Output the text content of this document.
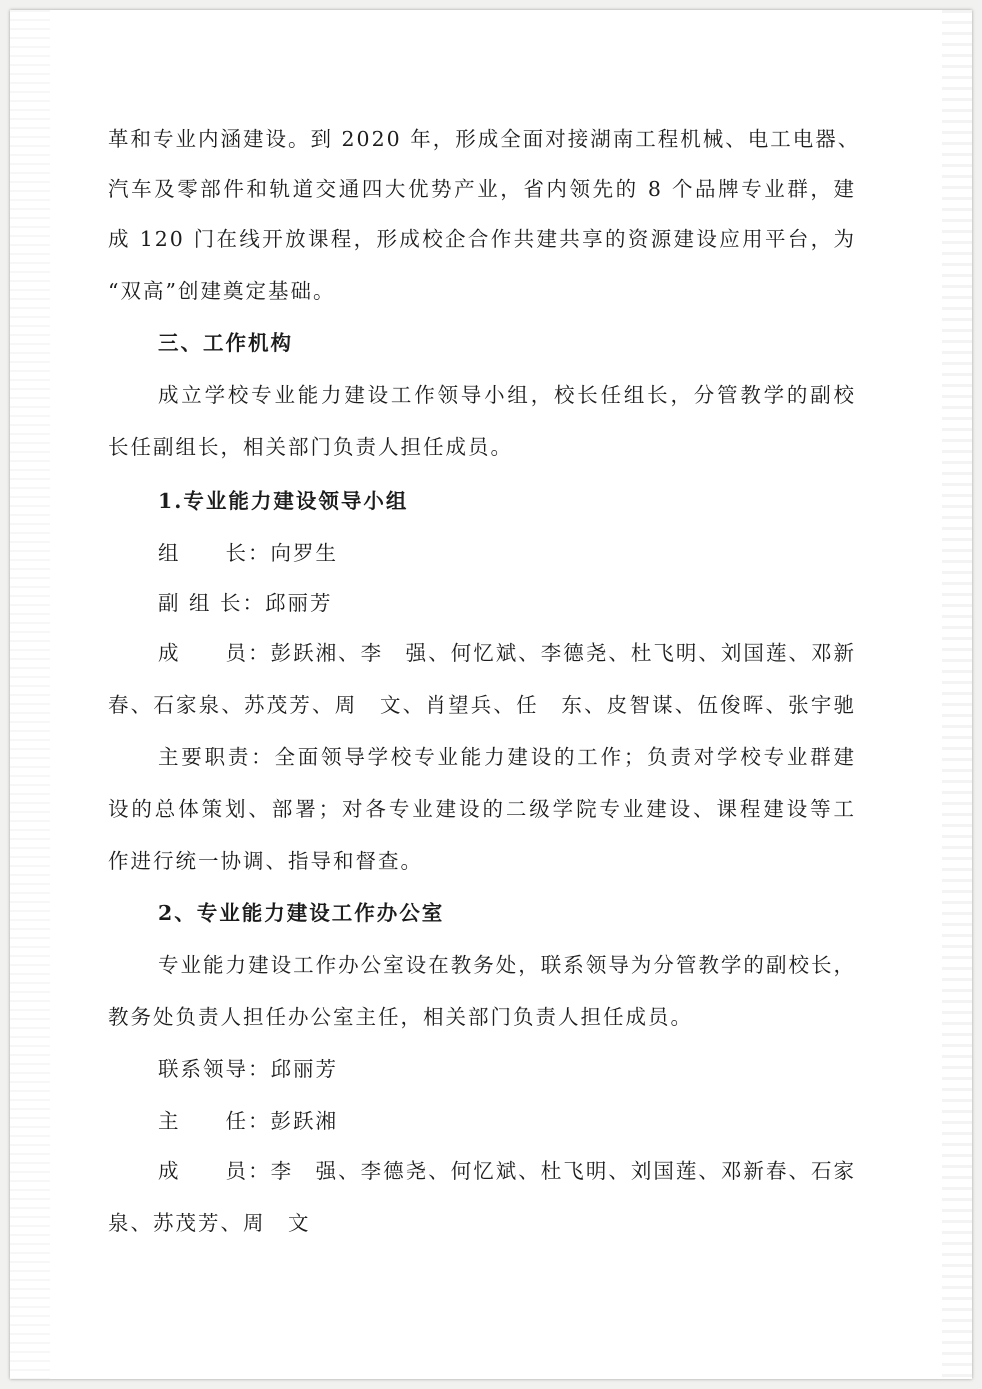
革和专业内涵建设。到 2020 年，形成全面对接湖南工程机械、电工电器、
汽车及零部件和轨道交通四大优势产业，省内领先的 8 个品牌专业群，建
成 120 门在线开放课程，形成校企合作共建共享的资源建设应用平台，为
“双高”创建奠定基础。
三、工作机构
成立学校专业能力建设工作领导小组，校长任组长，分管教学的副校
长任副组长，相关部门负责人担任成员。
1.专业能力建设领导小组
组　　长：向罗生
副 组 长：邱丽芳
成　　员：彭跃湘、李　强、何忆斌、李德尧、杜飞明、刘国莲、邓新
春、石家泉、苏茂芳、周　文、肖望兵、任　东、皮智谋、伍俊晖、张宇驰
主要职责：全面领导学校专业能力建设的工作；负责对学校专业群建
设的总体策划、部署；对各专业建设的二级学院专业建设、课程建设等工
作进行统一协调、指导和督查。
2、专业能力建设工作办公室
专业能力建设工作办公室设在教务处，联系领导为分管教学的副校长，
教务处负责人担任办公室主任，相关部门负责人担任成员。
联系领导：邱丽芳
主　　任：彭跃湘
成　　员：李　强、李德尧、何忆斌、杜飞明、刘国莲、邓新春、石家
泉、苏茂芳、周　文
